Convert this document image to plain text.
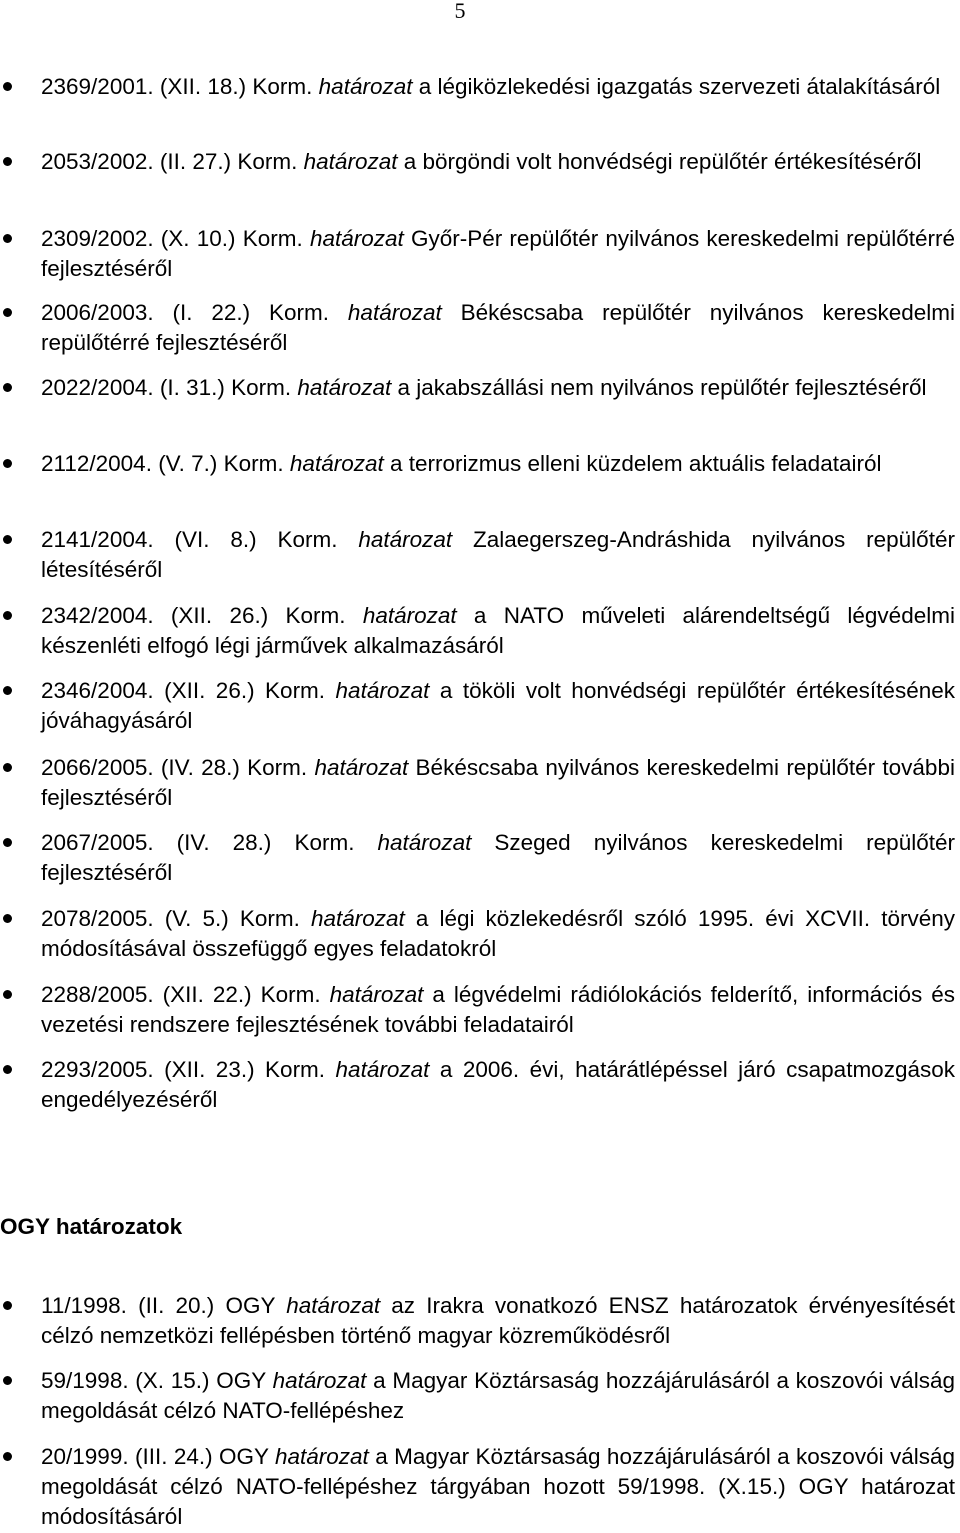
5
2369/2001. (XII. 18.) Korm. határozat a légiközlekedési igazgatás szervezeti átalakításáról
2053/2002. (II. 27.) Korm. határozat a börgöndi volt honvédségi repülőtér értékesítéséről
2309/2002. (X. 10.) Korm. határozat Győr-Pér repülőtér nyilvános kereskedelmi repülőtérré fejlesztéséről
2006/2003. (I. 22.) Korm. határozat Békéscsaba repülőtér nyilvános kereskedelmi repülőtérré fejlesztéséről
2022/2004. (I. 31.) Korm. határozat a jakabszállási nem nyilvános repülőtér fejlesztéséről
2112/2004. (V. 7.) Korm. határozat a terrorizmus elleni küzdelem aktuális feladatairól
2141/2004. (VI. 8.) Korm. határozat Zalaegerszeg-Andráshida nyilvános repülőtér létesítéséről
2342/2004. (XII. 26.) Korm. határozat a NATO műveleti alárendeltségű légvédelmi készenléti elfogó légi járművek alkalmazásáról
2346/2004. (XII. 26.) Korm. határozat a tököli volt honvédségi repülőtér értékesítésének jóváhagyásáról
2066/2005. (IV. 28.) Korm. határozat Békéscsaba nyilvános kereskedelmi repülőtér további fejlesztéséről
2067/2005. (IV. 28.) Korm. határozat Szeged nyilvános kereskedelmi repülőtér fejlesztéséről
2078/2005. (V. 5.) Korm. határozat a légi közlekedésről szóló 1995. évi XCVII. törvény módosításával összefüggő egyes feladatokról
2288/2005. (XII. 22.) Korm. határozat a légvédelmi rádiólokációs felderítő, információs és vezetési rendszere fejlesztésének további feladatairól
2293/2005. (XII. 23.) Korm. határozat a 2006. évi, határátlépéssel járó csapatmozgások engedélyezéséről
OGY határozatok
11/1998. (II. 20.) OGY határozat az Irakra vonatkozó ENSZ határozatok érvényesítését célzó nemzetközi fellépésben történő magyar közreműködésről
59/1998. (X. 15.) OGY határozat a Magyar Köztársaság hozzájárulásáról a koszovói válság megoldását célzó NATO-fellépéshez
20/1999. (III. 24.) OGY határozat a Magyar Köztársaság hozzájárulásáról a koszovói válság megoldását célzó NATO-fellépéshez tárgyában hozott 59/1998. (X.15.) OGY határozat módosításáról
